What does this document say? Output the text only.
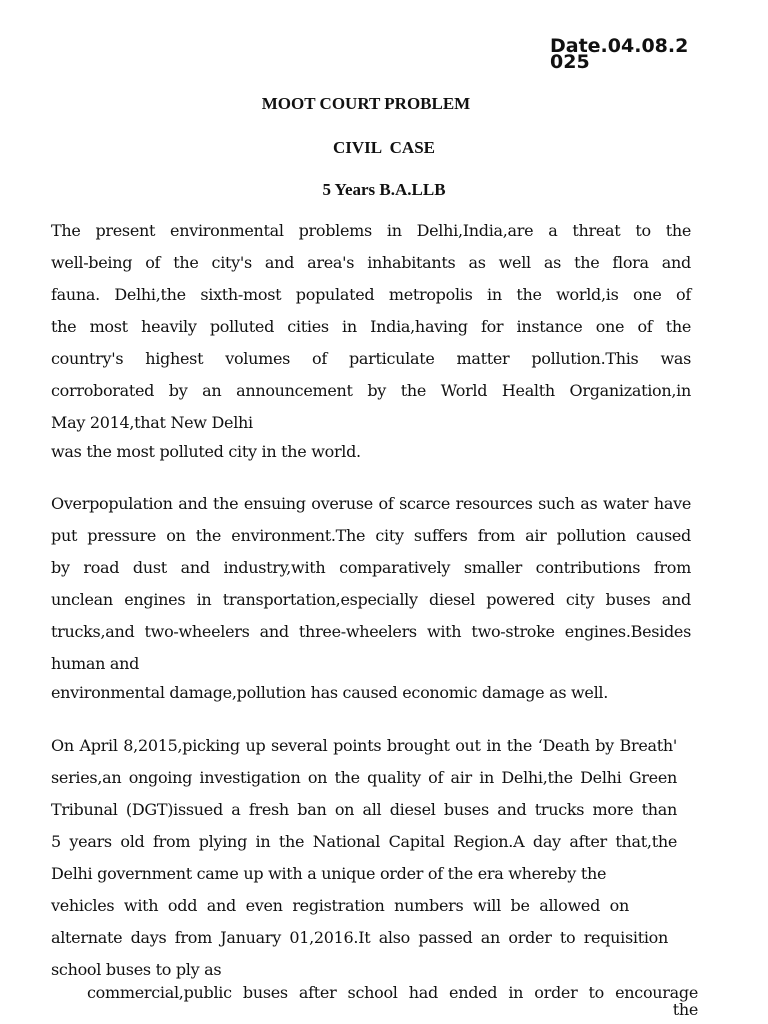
Date.04.08.2025
MOOT COURT PROBLEM
CIVIL  CASE
5 Years B.A.LLB
The present environmental problems in Delhi,India,are a threat to the
well-being of the city's and area's inhabitants as well as the flora and
fauna. Delhi,the sixth-most populated metropolis in the world,is one of
the most heavily polluted cities in India,having for instance one of the
country's highest volumes of particulate matter pollution.This was
corroborated by an announcement by the World Health Organization,in
May 2014,that New Delhi
was the most polluted city in the world.
Overpopulation and the ensuing overuse of scarce resources such as water have
put pressure on the environment.The city suffers from air pollution caused
by road dust and industry,with comparatively smaller contributions from
unclean engines in transportation,especially diesel powered city buses and
trucks,and two-wheelers and three-wheelers with two-stroke engines.Besides
human and
environmental damage,pollution has caused economic damage as well.
On April 8,2015,picking up several points brought out in the ‘Death by Breath'
series,an ongoing investigation on the quality of air in Delhi,the Delhi Green
Tribunal (DGT)issued a fresh ban on all diesel buses and trucks more than
5 years old from plying in the National Capital Region.A day after that,the
Delhi government came up with a unique order of the era whereby the
vehicles with odd and even registration numbers will be allowed on
alternate days from January 01,2016.It also passed an order to requisition
school buses to ply as
commercial,public buses after school had ended in order to encourage
the
